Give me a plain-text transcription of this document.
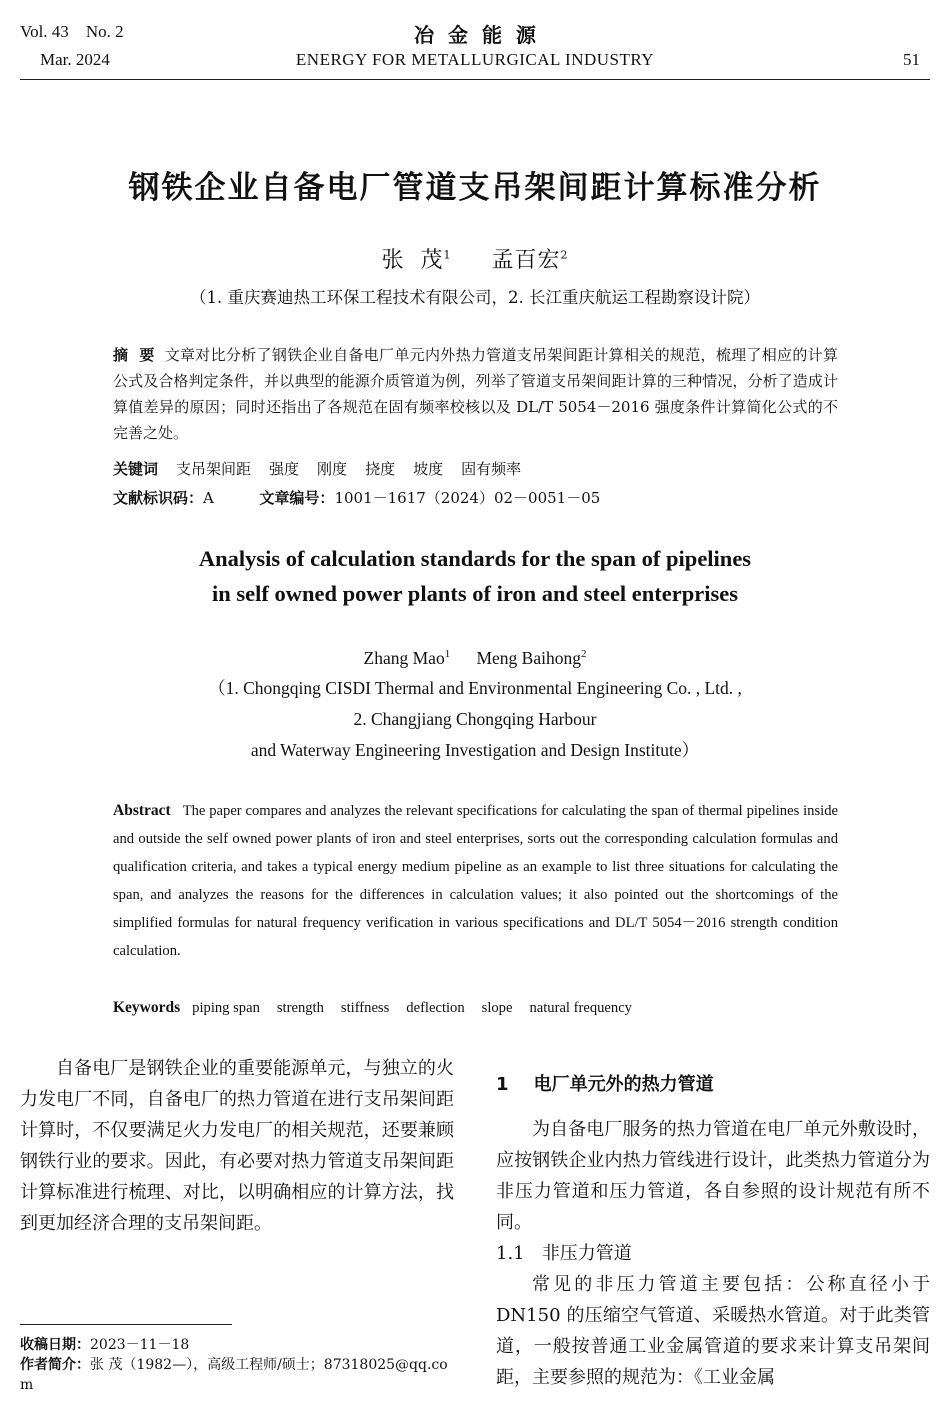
Vol. 43 No. 2
Mar. 2024
冶  金  能  源
ENERGY FOR METALLURGICAL INDUSTRY	51
钢铁企业自备电厂管道支吊架间距计算标准分析
张  茂$^1$ 孟百宏$^2$
（1. 重庆赛迪热工环保工程技术有限公司，2. 长江重庆航运工程勘察设计院）
摘  要 文章对比分析了钢铁企业自备电厂单元内外热力管道支吊架间距计算相关的规范，梳理了相应的计算公式及合格判定条件，并以典型的能源介质管道为例，列举了管道支吊架间距计算的三种情况，分析了造成计算值差异的原因；同时还指出了各规范在固有频率校核以及 DL/T 5054－2016 强度条件计算简化公式的不完善之处。
关键词 支吊架间距 强度 刚度 挠度 坡度 固有频率
文献标识码：A	文章编号：1001－1617（2024）02－0051－05
Analysis of calculation standards for the span of pipelines
in self owned power plants of iron and steel enterprises
Zhang Mao$^1$ Meng Baihong$^2$
（1. Chongqing CISDI Thermal and Environmental Engineering Co. , Ltd. ,
2. Changjiang Chongqing Harbour
and Waterway Engineering Investigation and Design Institute）
Abstract The paper compares and analyzes the relevant specifications for calculating the span of thermal pipelines inside and outside the self owned power plants of iron and steel enterprises, sorts out the corresponding calculation formulas and qualification criteria, and takes a typical energy medium pipeline as an example to list three situations for calculating the span, and analyzes the reasons for the differences in calculation values; it also pointed out the shortcomings of the simplified formulas for natural frequency verification in various specifications and DL/T 5054－2016 strength condition calculation.
Keywords piping span strength stiffness deflection slope natural frequency

自备电厂是钢铁企业的重要能源单元，与独立的火力发电厂不同，自备电厂的热力管道在进行支吊架间距计算时，不仅要满足火力发电厂的相关规范，还要兼顾钢铁行业的要求。因此，有必要对热力管道支吊架间距计算标准进行梳理、对比，以明确相应的计算方法，找到更加经济合理的支吊架间距。

收稿日期：2023－11－18
作者简介：张 茂（1982—），高级工程师/硕士；87318025@qq.com
1 电厂单元外的热力管道

为自备电厂服务的热力管道在电厂单元外敷设时，应按钢铁企业内热力管线进行设计，此类热力管道分为非压力管道和压力管道，各自参照的设计规范有所不同。

1.1 非压力管道

常见的非压力管道主要包括：公称直径小于DN150 的压缩空气管道、采暖热水管道。对于此类管道，一般按普通工业金属管道的要求来计算支吊架间距，主要参照的规范为：《工业金属
